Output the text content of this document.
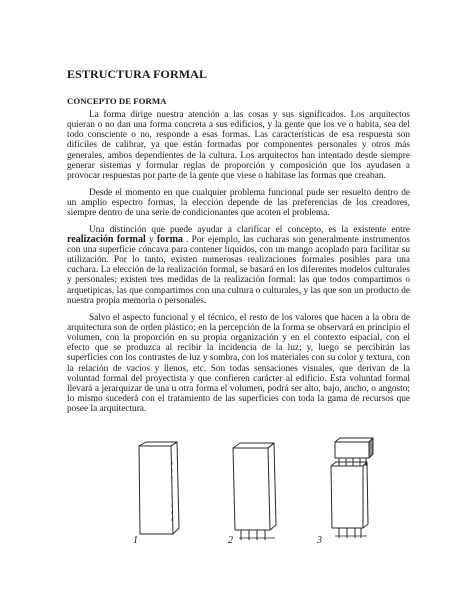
ESTRUCTURA FORMAL
CONCEPTO DE FORMA

La forma dirige nuestra atención a las cosas y sus significados. Los arquitectos quieran o no dan una forma concreta a sus edificios, y la gente que los ve o habita, sea del todo consciente o no, responde a esas formas. Las características de esa respuesta son difíciles de calibrar, ya que están formadas por componentes personales y otros más generales, ambos dependientes de la cultura. Los arquitectos han intentado desde siempre generar sistemas y formular reglas de proporción y composición que los ayudasen a provocar respuestas por parte de la gente que viese o habitase las formas que creaban.

Desde el momento en que cualquier problema funcional pude ser resuelto dentro de un amplio espectro formas, la elección depende de las preferencias de los creadores, siempre dentro de una serie de condicionantes que acoten el problema.

Una distinción que puede ayudar a clarificar el concepto, es la existente entre realización formal y forma . Por ejemplo, las cucharas son generalmente instrumentos con una superficie cóncava para contener líquidos, con un mango acoplado para facilitar su utilización. Por lo tanto, existen numerosas realizaciones formales posibles para una cuchara. La elección de la realización formal, se basará en los diferentes modelos culturales y personales; existen tres medidas de la realización formal: las que todos compartimos o arquetípicas, las que compartimos con una cultura o culturales, y las que son un producto de nuestra propia memoria o personales.

Salvo el aspecto funcional y el técnico, el resto de los valores que hacen a la obra de arquitectura son de orden plástico; en la percepción de la forma se observará en principio el volumen, con la proporción en su propia organización y en el contexto espacial, con el efecto que se produzca al recibir la incidencia de la luz; y, luego se percibirán las superficies con los contrastes de luz y sombra, con los materiales con su color y textura, con la relación de vacíos y llenos, etc. Son todas sensaciones visuales, que derivan de la voluntad formal del proyectista y que confieren carácter al edificio. Esta voluntad formal llevará a jerarquizar de una u otra forma el volumen, podrá ser alto, bajo, ancho, o angosto; lo mismo sucederá con el tratamiento de las superficies con toda la gama de recursos que posee la arquitectura.

1	2	3
